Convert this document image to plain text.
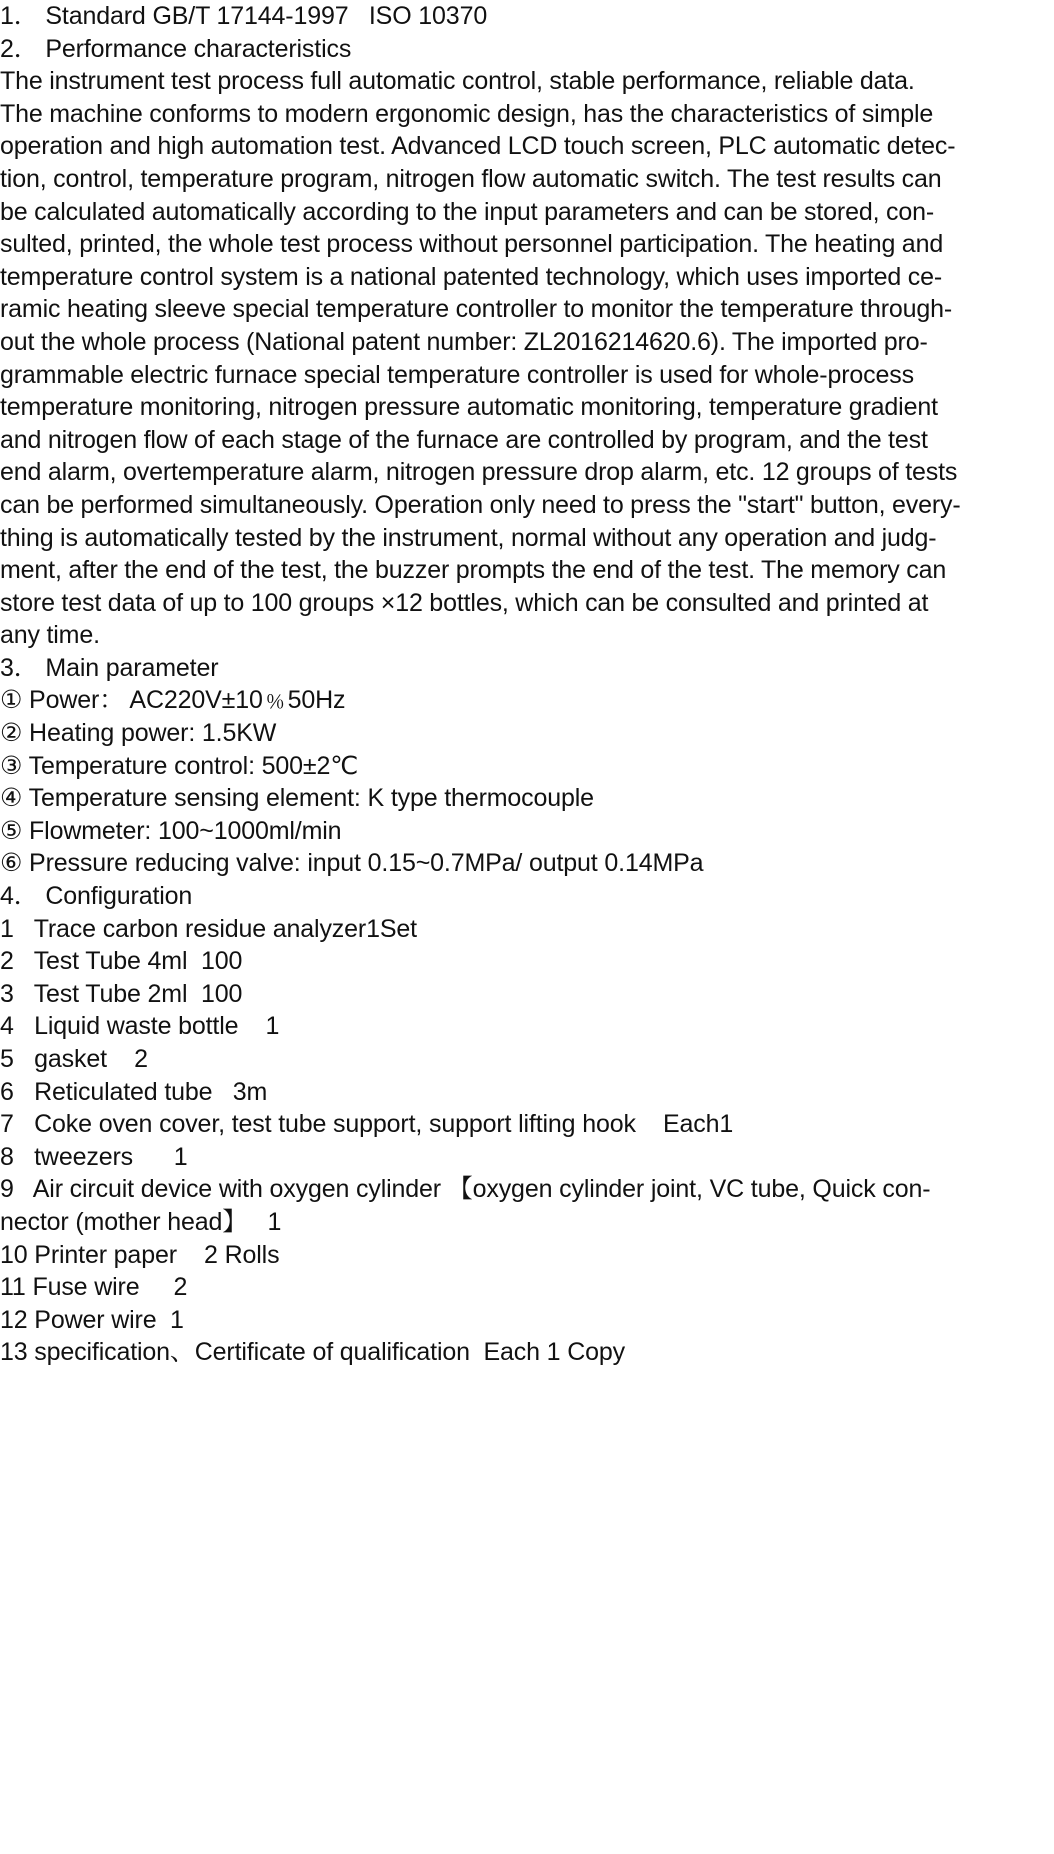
1． Standard GB/T 17144-1997   ISO 10370
2． Performance characteristics
The instrument test process full automatic control, stable performance, reliable data.
The machine conforms to modern ergonomic design, has the characteristics of simple
operation and high automation test. Advanced LCD touch screen, PLC automatic detec-
tion, control, temperature program, nitrogen flow automatic switch. The test results can
be calculated automatically according to the input parameters and can be stored, con-
sulted, printed, the whole test process without personnel participation. The heating and
temperature control system is a national patented technology, which uses imported ce-
ramic heating sleeve special temperature controller to monitor the temperature through-
out the whole process (National patent number: ZL2016214620.6). The imported pro-
grammable electric furnace special temperature controller is used for whole-process
temperature monitoring, nitrogen pressure automatic monitoring, temperature gradient
and nitrogen flow of each stage of the furnace are controlled by program, and the test
end alarm, overtemperature alarm, nitrogen pressure drop alarm, etc. 12 groups of tests
can be performed simultaneously. Operation only need to press the "start" button, every-
thing is automatically tested by the instrument, normal without any operation and judg-
ment, after the end of the test, the buzzer prompts the end of the test. The memory can
store test data of up to 100 groups ×12 bottles, which can be consulted and printed at
any time.
3． Main parameter
① Power： AC220V±10﹪50Hz
② Heating power: 1.5KW
③ Temperature control: 500±2℃
④ Temperature sensing element: K type thermocouple
⑤ Flowmeter: 100~1000ml/min
⑥ Pressure reducing valve: input 0.15~0.7MPa/ output 0.14MPa
4． Configuration
1   Trace carbon residue analyzer1Set
2   Test Tube 4ml  100
3   Test Tube 2ml  100
4   Liquid waste bottle    1
5   gasket    2
6   Reticulated tube   3m
7   Coke oven cover, test tube support, support lifting hook    Each1
8   tweezers      1
9   Air circuit device with oxygen cylinder 【oxygen cylinder joint, VC tube, Quick con-
nector (mother head】   1
10 Printer paper    2 Rolls
11 Fuse wire     2
12 Power wire  1
13 specification、Certificate of qualification  Each 1 Copy
